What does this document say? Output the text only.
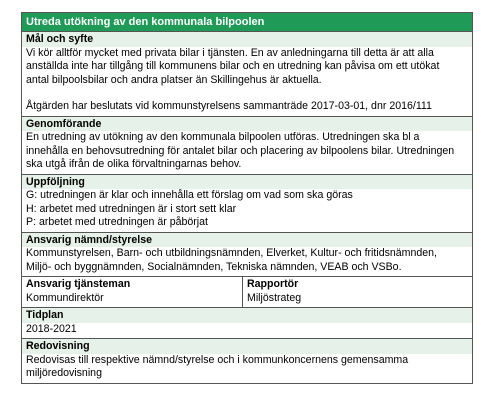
Utreda utökning av den kommunala bilpoolen
Mål och syfte
Vi kör alltför mycket med privata bilar i tjänsten. En av anledningarna till detta är att alla
anställda inte har tillgång till kommunens bilar och en utredning kan påvisa om ett utökat
antal bilpoolsbilar och andra platser än Skillingehus är aktuella.
Åtgärden har beslutats vid kommunstyrelsens sammanträde 2017-03-01, dnr 2016/111
Genomförande
En utredning av utökning av den kommunala bilpoolen utföras. Utredningen ska bl a
innehålla en behovsutredning för antalet bilar och placering av bilpoolens bilar. Utredningen
ska utgå ifrån de olika förvaltningarnas behov.
Uppföljning
G: utredningen är klar och innehålla ett förslag om vad som ska göras
H: arbetet med utredningen är i stort sett klar
P: arbetet med utredningen är påbörjat
Ansvarig nämnd/styrelse
Kommunstyrelsen, Barn- och utbildningsnämnden, Elverket, Kultur- och fritidsnämnden,
Miljö- och byggnämnden, Socialnämnden, Tekniska nämnden, VEAB och VSBo.
Ansvarig tjänsteman
Kommundirektör
Rapportör
Miljöstrateg
Tidplan
2018-2021
Redovisning
Redovisas till respektive nämnd/styrelse och i kommunkoncernens gemensamma
miljöredovisning
